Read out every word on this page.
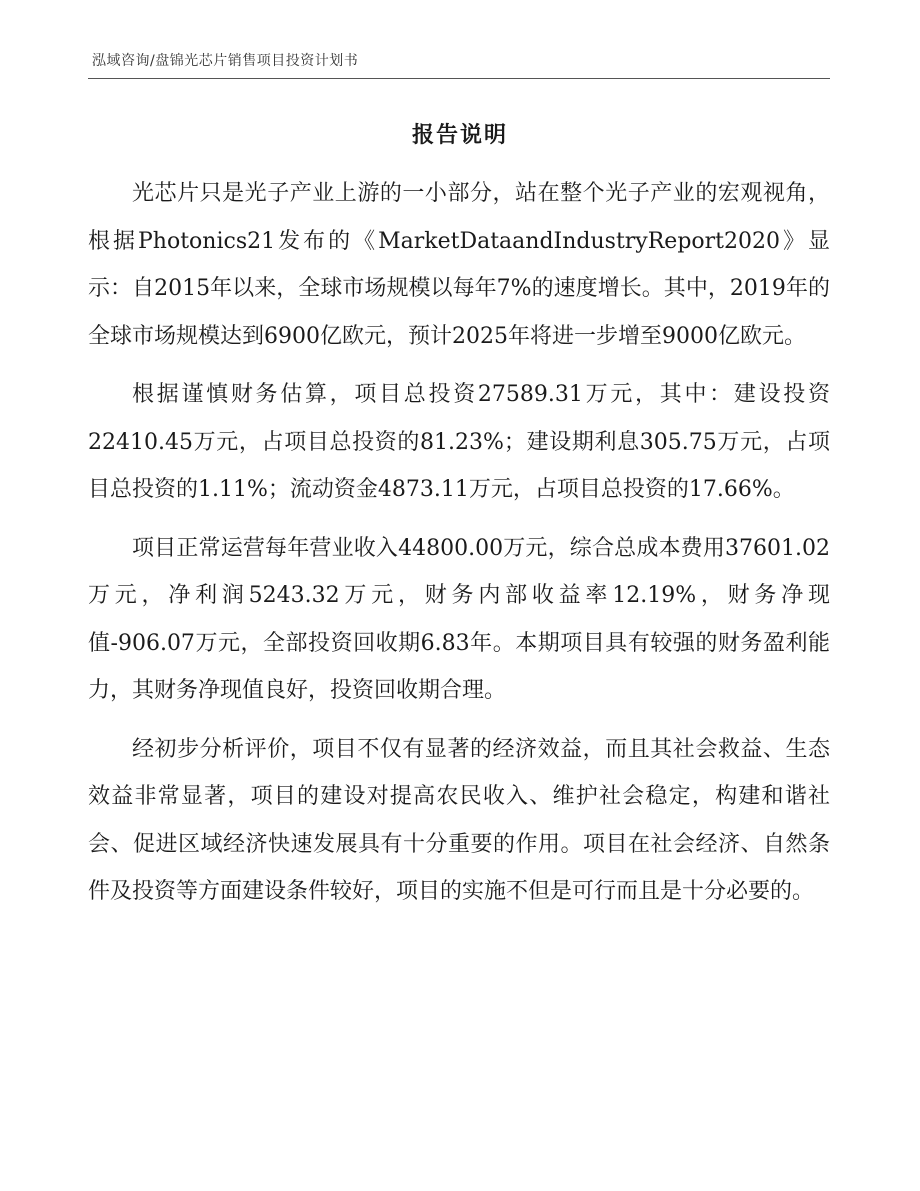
泓域咨询/盘锦光芯片销售项目投资计划书
报告说明

光芯片只是光子产业上游的一小部分，站在整个光子产业的宏观视角，根据Photonics21发布的《MarketDataandIndustryReport2020》显示：自2015年以来，全球市场规模以每年7%的速度增长。其中，2019年的全球市场规模达到6900亿欧元，预计2025年将进一步增至9000亿欧元。

根据谨慎财务估算，项目总投资27589.31万元，其中：建设投资22410.45万元，占项目总投资的81.23%；建设期利息305.75万元，占项目总投资的1.11%；流动资金4873.11万元，占项目总投资的17.66%。

项目正常运营每年营业收入44800.00万元，综合总成本费用37601.02万元，净利润5243.32万元，财务内部收益率12.19%，财务净现值-906.07万元，全部投资回收期6.83年。本期项目具有较强的财务盈利能力，其财务净现值良好，投资回收期合理。

经初步分析评价，项目不仅有显著的经济效益，而且其社会救益、生态效益非常显著，项目的建设对提高农民收入、维护社会稳定，构建和谐社会、促进区域经济快速发展具有十分重要的作用。项目在社会经济、自然条件及投资等方面建设条件较好，项目的实施不但是可行而且是十分必要的。
